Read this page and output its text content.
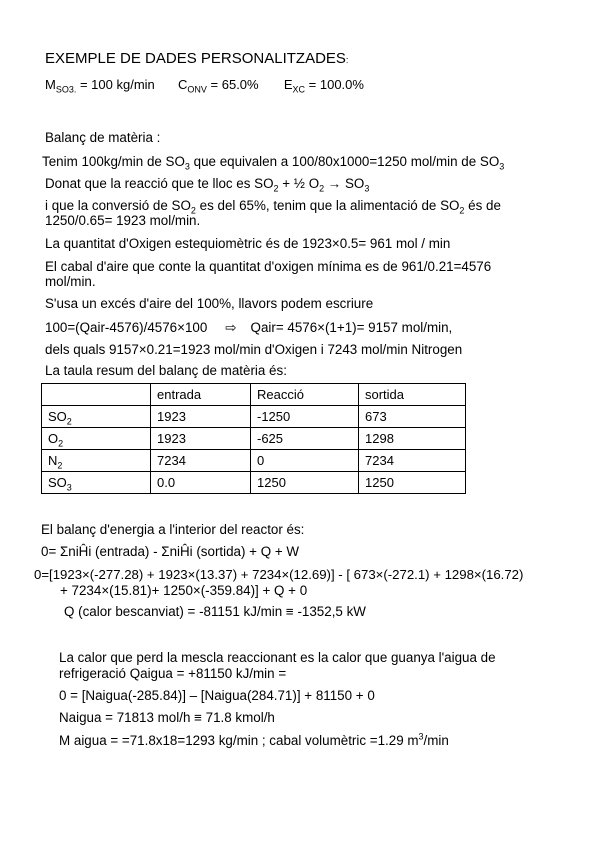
EXEMPLE DE DADES PERSONALITZADES:
$M_{SO3.} = 100$ kg/min $C_{ONV} = 65.0\%$ $E_{XC} = 100.0\%$
Balanç de matèria :
Tenim 100kg/min de $SO_3$ que equivalen a 100/80x1000=1250 mol/min de $SO_3$
Donat que la reacció que te lloc es $SO_2$ + ½ $O_2 \to SO_3$
i que la conversió de $SO_2$ es del 65%, tenim que la alimentació de $SO_2$ és de
1250/0.65= 1923 mol/min.
La quantitat d'Oxigen estequiomètric és de 1923×0.5= 961 mol / min
El cabal d'aire que conte la quantitat d'oxigen mínima es de 961/0.21=4576
mol/min.
S'usa un excés d'aire del 100%, llavors podem escriure
100=(Qair-4576)/4576×100 ⇨ Qair= 4576×(1+1)= 9157 mol/min,
dels quals 9157×0.21=1923 mol/min d'Oxigen i 7243 mol/min Nitrogen
La taula resum del balanç de matèria és:
	entrada	Reacció	sortida
$SO_2$	1923	-1250	673
$O_2$	1923	-625	1298
$N_2$	7234	0	7234
$SO_3$	0.0	1250	1250
El balanç d'energia a l'interior del reactor és:
0= ΣniĤi (entrada) - ΣniĤi (sortida) + Q + W
0=[1923×(-277.28) + 1923×(13.37) + 7234×(12.69)] - [ 673×(-272.1) + 1298×(16.72)
+ 7234×(15.81)+ 1250×(-359.84)] + Q + 0
Q (calor bescanviat) = -81151 kJ/min ≡ -1352,5 kW
La calor que perd la mescla reaccionant es la calor que guanya l'aigua de
refrigeració Qaigua = +81150 kJ/min =
0 = [Naigua(-285.84)] – [Naigua(284.71)] + 81150 + 0
Naigua = 71813 mol/h ≡ 71.8 kmol/h
M aigua = =71.8x18=1293 kg/min ; cabal volumètric =1.29 $m^3/\min$
